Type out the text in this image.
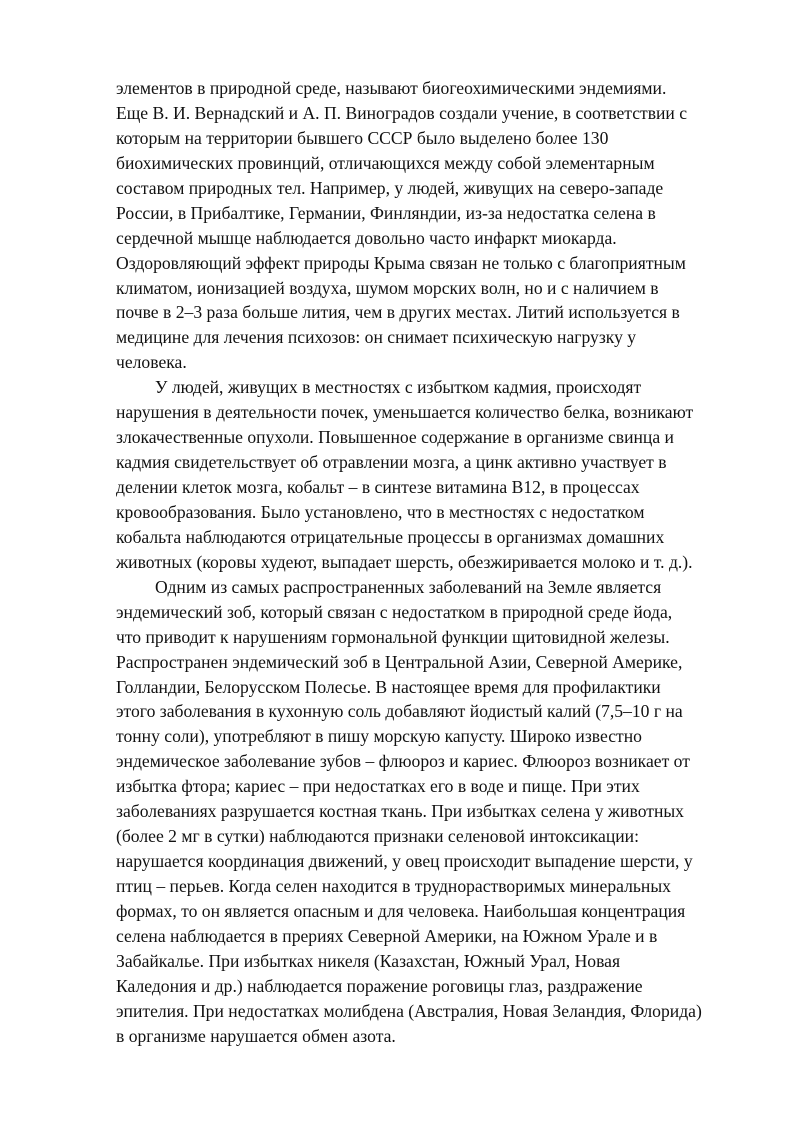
элементов в природной среде, называют биогеохимическими эндемиями.
Еще В. И. Вернадский и А. П. Виноградов создали учение, в соответствии с
которым на территории бывшего СССР было выделено более 130
биохимических провинций, отличающихся между собой элементарным
составом природных тел. Например, у людей, живущих на северо-западе
России, в Прибалтике, Германии, Финляндии, из-за недостатка селена в
сердечной мышце наблюдается довольно часто инфаркт миокарда.
Оздоровляющий эффект природы Крыма связан не только с благоприятным
климатом, ионизацией воздуха, шумом морских волн, но и с наличием в
почве в 2–3 раза больше лития, чем в других местах. Литий используется в
медицине для лечения психозов: он снимает психическую нагрузку у
человека.
У людей, живущих в местностях с избытком кадмия, происходят
нарушения в деятельности почек, уменьшается количество белка, возникают
злокачественные опухоли. Повышенное содержание в организме свинца и
кадмия свидетельствует об отравлении мозга, а цинк активно участвует в
делении клеток мозга, кобальт – в синтезе витамина В12, в процессах
кровообразования. Было установлено, что в местностях с недостатком
кобальта наблюдаются отрицательные процессы в организмах домашних
животных (коровы худеют, выпадает шерсть, обезжиривается молоко и т. д.).
Одним из самых распространенных заболеваний на Земле является
эндемический зоб, который связан с недостатком в природной среде йода,
что приводит к нарушениям гормональной функции щитовидной железы.
Распространен эндемический зоб в Центральной Азии, Северной Америке,
Голландии, Белорусском Полесье. В настоящее время для профилактики
этого заболевания в кухонную соль добавляют йодистый калий (7,5–10 г на
тонну соли), употребляют в пишу морскую капусту. Широко известно
эндемическое заболевание зубов – флюороз и кариес. Флюороз возникает от
избытка фтора; кариес – при недостатках его в воде и пище. При этих
заболеваниях разрушается костная ткань. При избытках селена у животных
(более 2 мг в сутки) наблюдаются признаки селеновой интоксикации:
нарушается координация движений, у овец происходит выпадение шерсти, у
птиц – перьев. Когда селен находится в труднорастворимых минеральных
формах, то он является опасным и для человека. Наибольшая концентрация
селена наблюдается в прериях Северной Америки, на Южном Урале и в
Забайкалье. При избытках никеля (Казахстан, Южный Урал, Новая
Каледония и др.) наблюдается поражение роговицы глаз, раздражение
эпителия. При недостатках молибдена (Австралия, Новая Зеландия, Флорида)
в организме нарушается обмен азота.
